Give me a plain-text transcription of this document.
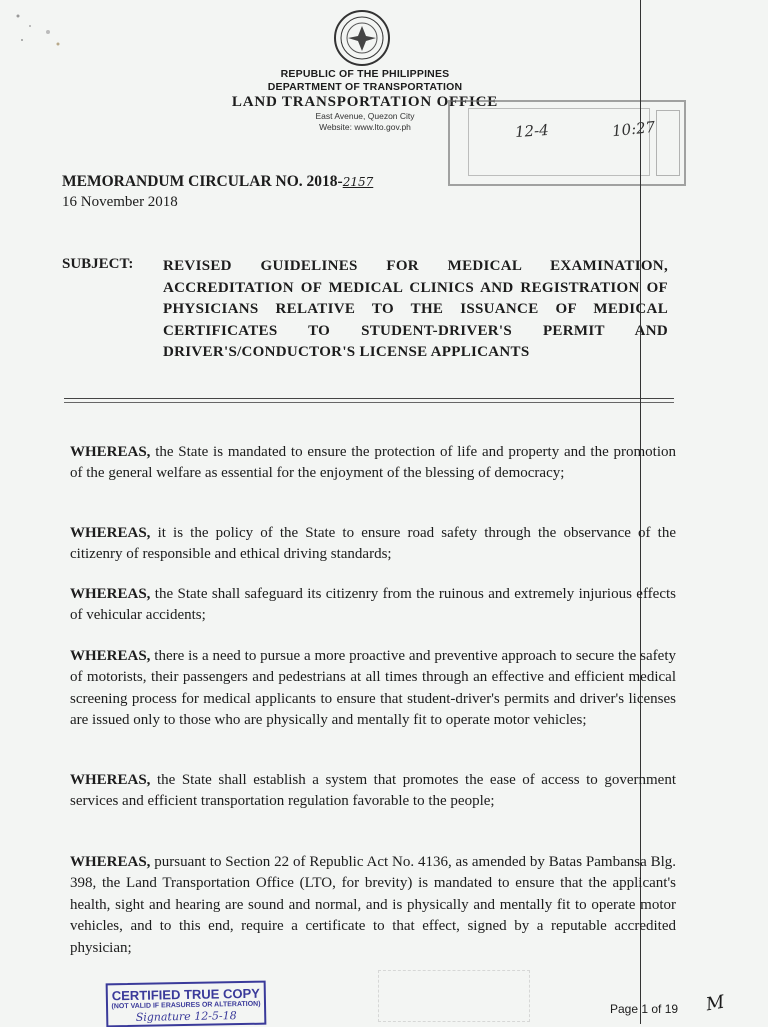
REPUBLIC OF THE PHILIPPINES
DEPARTMENT OF TRANSPORTATION
LAND TRANSPORTATION OFFICE
East Avenue, Quezon City
Website: www.lto.gov.ph	12-4	10:27
MEMORANDUM CIRCULAR NO. 2018-2157
16 November 2018
SUBJECT: REVISED GUIDELINES FOR MEDICAL EXAMINATION, ACCREDITATION OF MEDICAL CLINICS AND REGISTRATION OF PHYSICIANS RELATIVE TO THE ISSUANCE OF MEDICAL CERTIFICATES TO STUDENT-DRIVER'S PERMIT AND DRIVER'S/CONDUCTOR'S LICENSE APPLICANTS
WHEREAS, the State is mandated to ensure the protection of life and property and the promotion of the general welfare as essential for the enjoyment of the blessing of democracy;
WHEREAS, it is the policy of the State to ensure road safety through the observance of the citizenry of responsible and ethical driving standards;
WHEREAS, the State shall safeguard its citizenry from the ruinous and extremely injurious effects of vehicular accidents;
WHEREAS, there is a need to pursue a more proactive and preventive approach to secure the safety of motorists, their passengers and pedestrians at all times through an effective and efficient medical screening process for medical applicants to ensure that student-driver's permits and driver's licenses are issued only to those who are physically and mentally fit to operate motor vehicles;
WHEREAS, the State shall establish a system that promotes the ease of access to government services and efficient transportation regulation favorable to the people;
WHEREAS, pursuant to Section 22 of Republic Act No. 4136, as amended by Batas Pambansa Blg. 398, the Land Transportation Office (LTO, for brevity) is mandated to ensure that the applicant's health, sight and hearing are sound and normal, and is physically and mentally fit to operate motor vehicles, and to this end, require a certificate to that effect, signed by a reputable accredited physician;
CERTIFIED TRUE COPY
(NOT VALID IF ERASURES OR ALTERATION)
Signature 12-5-18
Page 1 of 19 M
